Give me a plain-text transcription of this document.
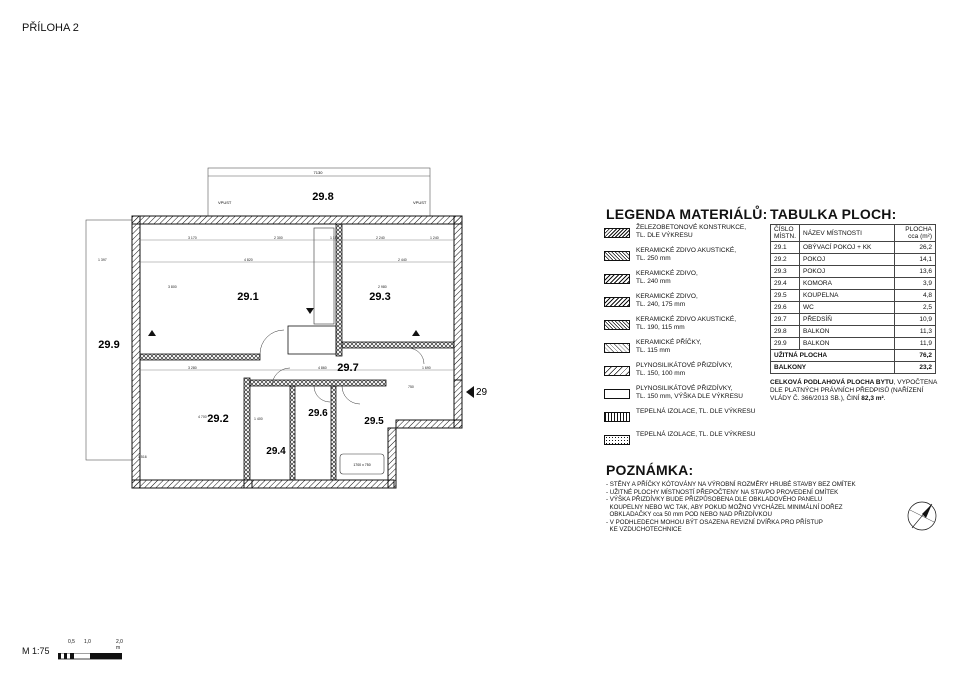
PŘÍLOHA 2
7130
VPUST	VPUST
29.8
29.9
1700 x 750
3 170	2 300	1 150	2 240	1 240
4 820	2 440
3 280
1 397
4 860	1 690
3 800	2 980
4 700
1 516
1 400
750
29.1	29.3
29.7
29.2	29.6
29.4
29.5
29
LEGENDA MATERIÁLŮ:
ŽELEZOBETONOVÉ KONSTRUKCE,
TL. DLE VÝKRESU
KERAMICKÉ ZDIVO AKUSTICKÉ,
TL. 250 mm
KERAMICKÉ ZDIVO,
TL. 240 mm
KERAMICKÉ ZDIVO,
TL. 240, 175 mm
KERAMICKÉ ZDIVO AKUSTICKÉ,
TL. 190, 115 mm
KERAMICKÉ PŘÍČKY,
TL. 115 mm
PLYNOSILIKÁTOVÉ PŘIZDÍVKY,
TL. 150, 100 mm
PLYNOSILIKÁTOVÉ PŘIZDÍVKY,
TL. 150 mm, VÝŠKA DLE VÝKRESU
TEPELNÁ IZOLACE, TL. DLE VÝKRESU
TEPELNÁ IZOLACE, TL. DLE VÝKRESU
TABULKA PLOCH:
ČÍSLO MÍSTN.	NÁZEV MÍSTNOSTI	PLOCHA cca (m²)
29.1	OBÝVACÍ POKOJ + KK	26,2
29.2	POKOJ	14,1
29.3	POKOJ	13,6
29.4	KOMORA	3,9
29.5	KOUPELNA	4,8
29.6	WC	2,5
29.7	PŘEDSÍŇ	10,9
29.8	BALKON	11,3
29.9	BALKON	11,9
UŽITNÁ PLOCHA		76,2
BALKONY		23,2
CELKOVÁ PODLAHOVÁ PLOCHA BYTU, VYPOČTENA DLE PLATNÝCH PRÁVNÍCH PŘEDPISŮ (NAŘÍZENÍ VLÁDY Č. 366/2013 SB.), ČINÍ 82,3 m².
POZNÁMKA:
- STĚNY A PŘÍČKY KÓTOVÁNY NA VÝROBNÍ ROZMĚRY HRUBÉ STAVBY BEZ OMÍTEK
- UŽITNÉ PLOCHY MÍSTNOSTÍ PŘEPOČTENY NA STAVPO PROVEDENÍ OMÍTEK
- VÝŠKA PŘIZDÍVKY BUDE PŘIZPŮSOBENA DLE OBKLADOVÉHO PANELU
KOUPELNY NEBO WC TAK, ABY POKUD MOŽNO VYCHÁZEL MINIMÁLNÍ DOŘEZ
OBKLADAČKY cca 50 mm POD NEBO NAD PŘIZDÍVKOU
- V PODHLEDECH MOHOU BÝT OSAZENA REVIZNÍ DVÍŘKA PRO PŘÍSTUP
KE VZDUCHOTECHNICE
M 1:75
0,5 1,0	2,0 m
